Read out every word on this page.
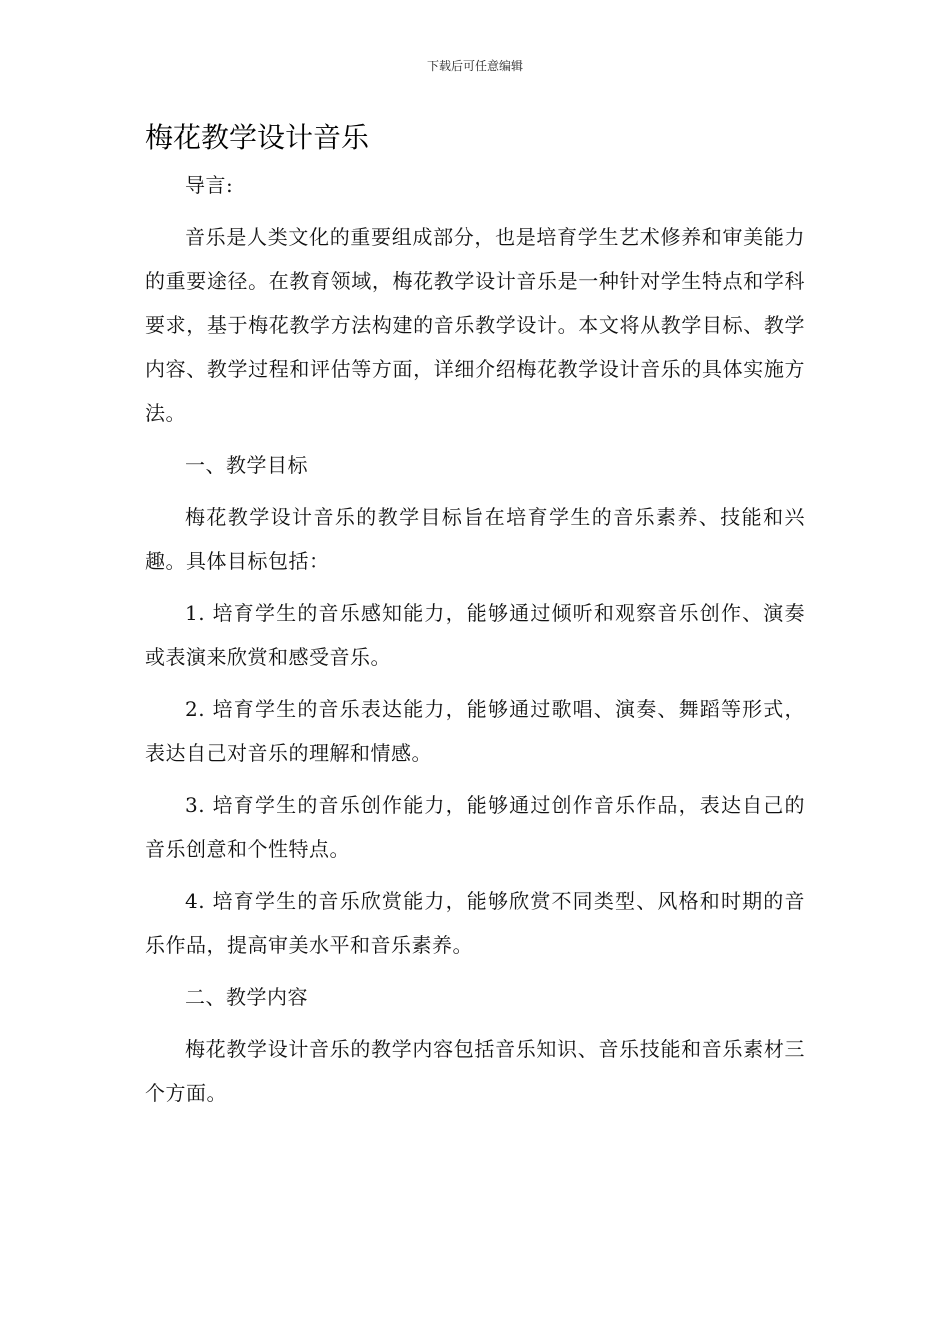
下载后可任意编辑
梅花教学设计音乐

导言:

音乐是人类文化的重要组成部分，也是培育学生艺术修养和审美能力的重要途径。在教育领域，梅花教学设计音乐是一种针对学生特点和学科要求，基于梅花教学方法构建的音乐教学设计。本文将从教学目标、教学内容、教学过程和评估等方面，详细介绍梅花教学设计音乐的具体实施方法。

一、教学目标

梅花教学设计音乐的教学目标旨在培育学生的音乐素养、技能和兴趣。具体目标包括：

1. 培育学生的音乐感知能力，能够通过倾听和观察音乐创作、演奏或表演来欣赏和感受音乐。

2. 培育学生的音乐表达能力，能够通过歌唱、演奏、舞蹈等形式，表达自己对音乐的理解和情感。

3. 培育学生的音乐创作能力，能够通过创作音乐作品，表达自己的音乐创意和个性特点。

4. 培育学生的音乐欣赏能力，能够欣赏不同类型、风格和时期的音乐作品，提高审美水平和音乐素养。

二、教学内容

梅花教学设计音乐的教学内容包括音乐知识、音乐技能和音乐素材三个方面。
